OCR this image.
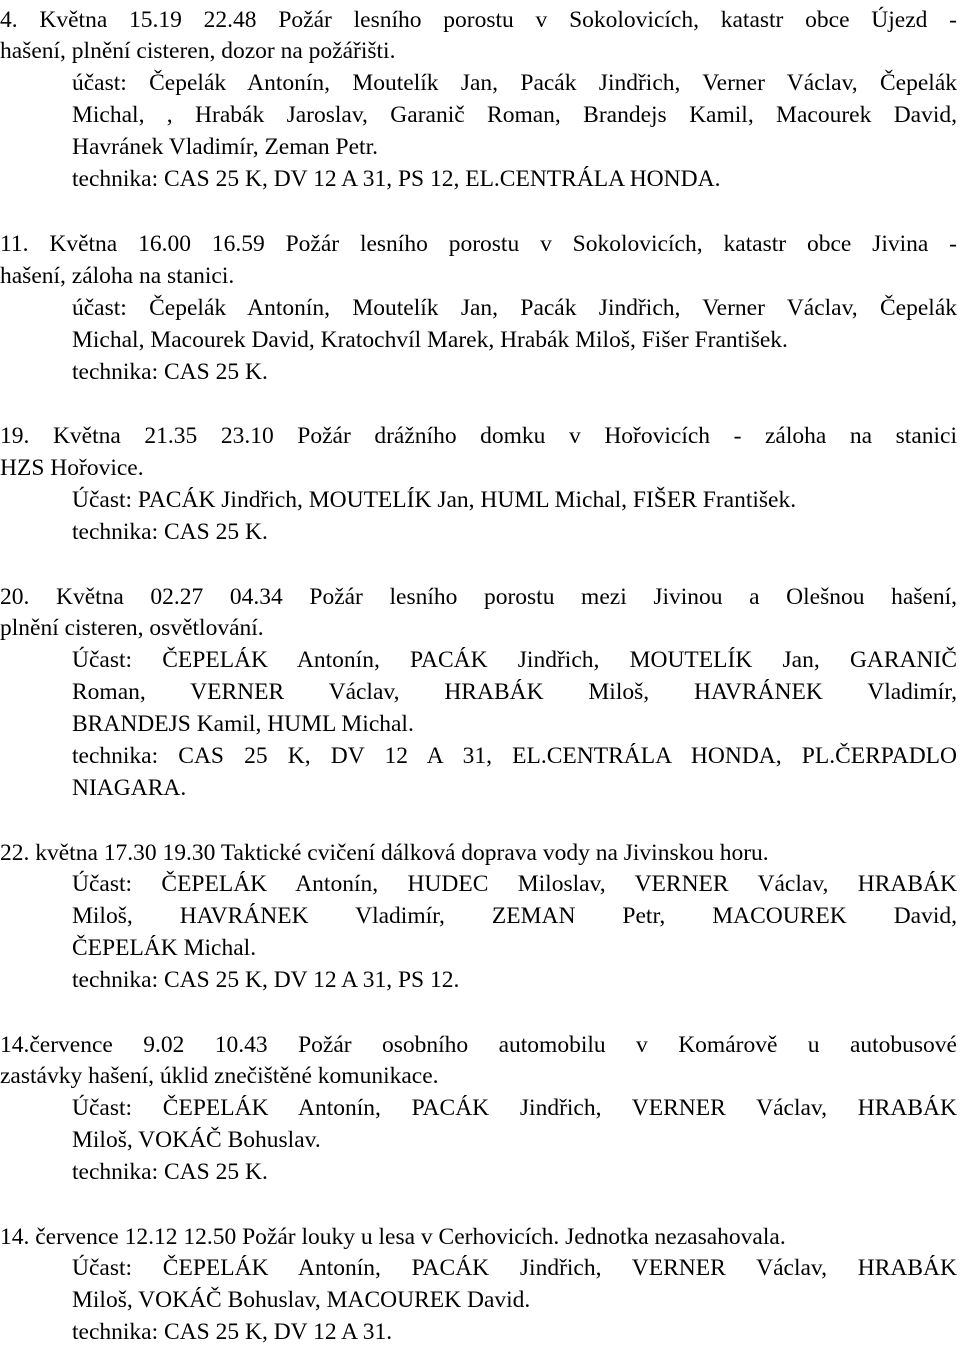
4. Května 15.19 22.48 Požár lesního porostu v Sokolovicích, katastr obce Újezd -
hašení, plnění cisteren, dozor na požářišti.
účast: Čepelák Antonín, Moutelík Jan, Pacák Jindřich, Verner Václav, Čepelák
Michal, , Hrabák Jaroslav, Garanič Roman, Brandejs Kamil, Macourek David,
Havránek Vladimír, Zeman Petr.
technika: CAS 25 K, DV 12 A 31, PS 12, EL.CENTRÁLA HONDA.
11. Května 16.00 16.59 Požár lesního porostu v Sokolovicích, katastr obce Jivina -
hašení, záloha na stanici.
účast: Čepelák Antonín, Moutelík Jan, Pacák Jindřich, Verner Václav, Čepelák
Michal, Macourek David, Kratochvíl Marek, Hrabák Miloš, Fišer František.
technika: CAS 25 K.
19. Května 21.35 23.10 Požár drážního domku v Hořovicích - záloha na stanici
HZS Hořovice.
Účast: PACÁK Jindřich, MOUTELÍK Jan, HUML Michal, FIŠER František.
technika: CAS 25 K.
20. Května 02.27 04.34 Požár lesního porostu mezi Jivinou a Olešnou hašení,
plnění cisteren, osvětlování.
Účast: ČEPELÁK Antonín, PACÁK Jindřich, MOUTELÍK Jan, GARANIČ
Roman, VERNER Václav, HRABÁK Miloš, HAVRÁNEK Vladimír,
BRANDEJS Kamil, HUML Michal.
technika: CAS 25 K, DV 12 A 31, EL.CENTRÁLA HONDA, PL.ČERPADLO
NIAGARA.
22. května 17.30 19.30 Taktické cvičení dálková doprava vody na Jivinskou horu.
Účast: ČEPELÁK Antonín, HUDEC Miloslav, VERNER Václav, HRABÁK
Miloš, HAVRÁNEK Vladimír, ZEMAN Petr, MACOUREK David,
ČEPELÁK Michal.
technika: CAS 25 K, DV 12 A 31, PS 12.
14.července 9.02 10.43 Požár osobního automobilu v Komárově u autobusové
zastávky hašení, úklid znečištěné komunikace.
Účast: ČEPELÁK Antonín, PACÁK Jindřich, VERNER Václav, HRABÁK
Miloš, VOKÁČ Bohuslav.
technika: CAS 25 K.
14. července 12.12 12.50 Požár louky u lesa v Cerhovicích. Jednotka nezasahovala.
Účast: ČEPELÁK Antonín, PACÁK Jindřich, VERNER Václav, HRABÁK
Miloš, VOKÁČ Bohuslav, MACOUREK David.
technika: CAS 25 K, DV 12 A 31.
